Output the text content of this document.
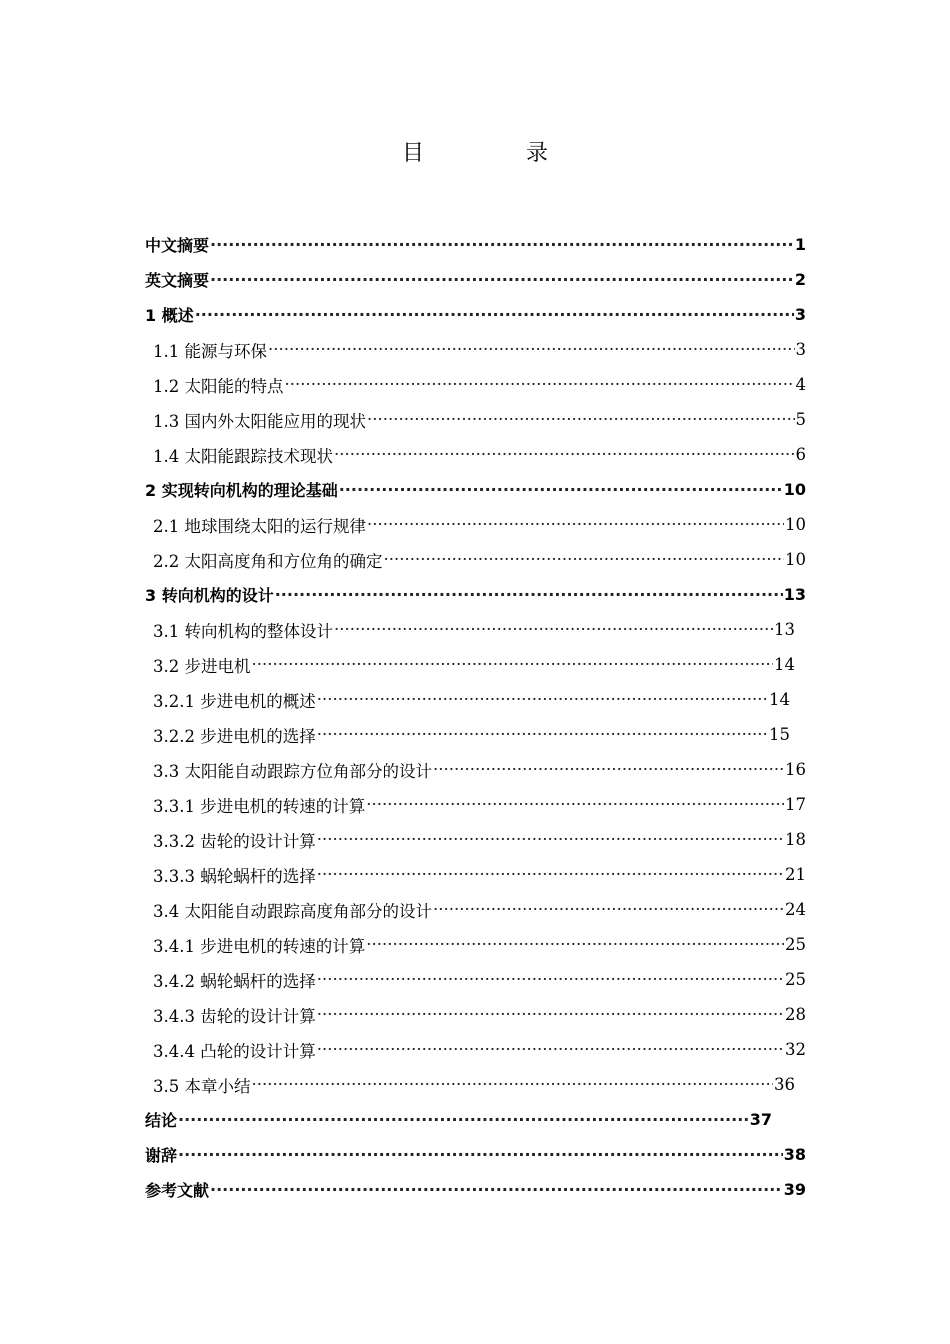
目　录
中文摘要 ·····	1
英文摘要 ·····	2
1 概述 ·····	3
1.1 能源与环保 ·····	3
1.2 太阳能的特点 ·····	4
1.3 国内外太阳能应用的现状 ·····	5
1.4 太阳能跟踪技术现状 ·····	6
2 实现转向机构的理论基础 ·····	10
2.1 地球围绕太阳的运行规律 ·····	10
2.2 太阳高度角和方位角的确定 ·····	10
3 转向机构的设计 ·····	13
3.1 转向机构的整体设计 ·····	13
3.2 步进电机 ·····	14
3.2.1 步进电机的概述 ·····	14
3.2.2 步进电机的选择 ·····	15
3.3 太阳能自动跟踪方位角部分的设计 ·····	16
3.3.1 步进电机的转速的计算 ·····	17
3.3.2 齿轮的设计计算 ·····	18
3.3.3 蜗轮蜗杆的选择 ·····	21
3.4 太阳能自动跟踪高度角部分的设计 ·····	24
3.4.1 步进电机的转速的计算 ·····	25
3.4.2 蜗轮蜗杆的选择 ·····	25
3.4.3 齿轮的设计计算 ·····	28
3.4.4 凸轮的设计计算 ·····	32
3.5 本章小结 ·····	36
结论 ·····	37
谢辞 ·····	38
参考文献 ·····	39
